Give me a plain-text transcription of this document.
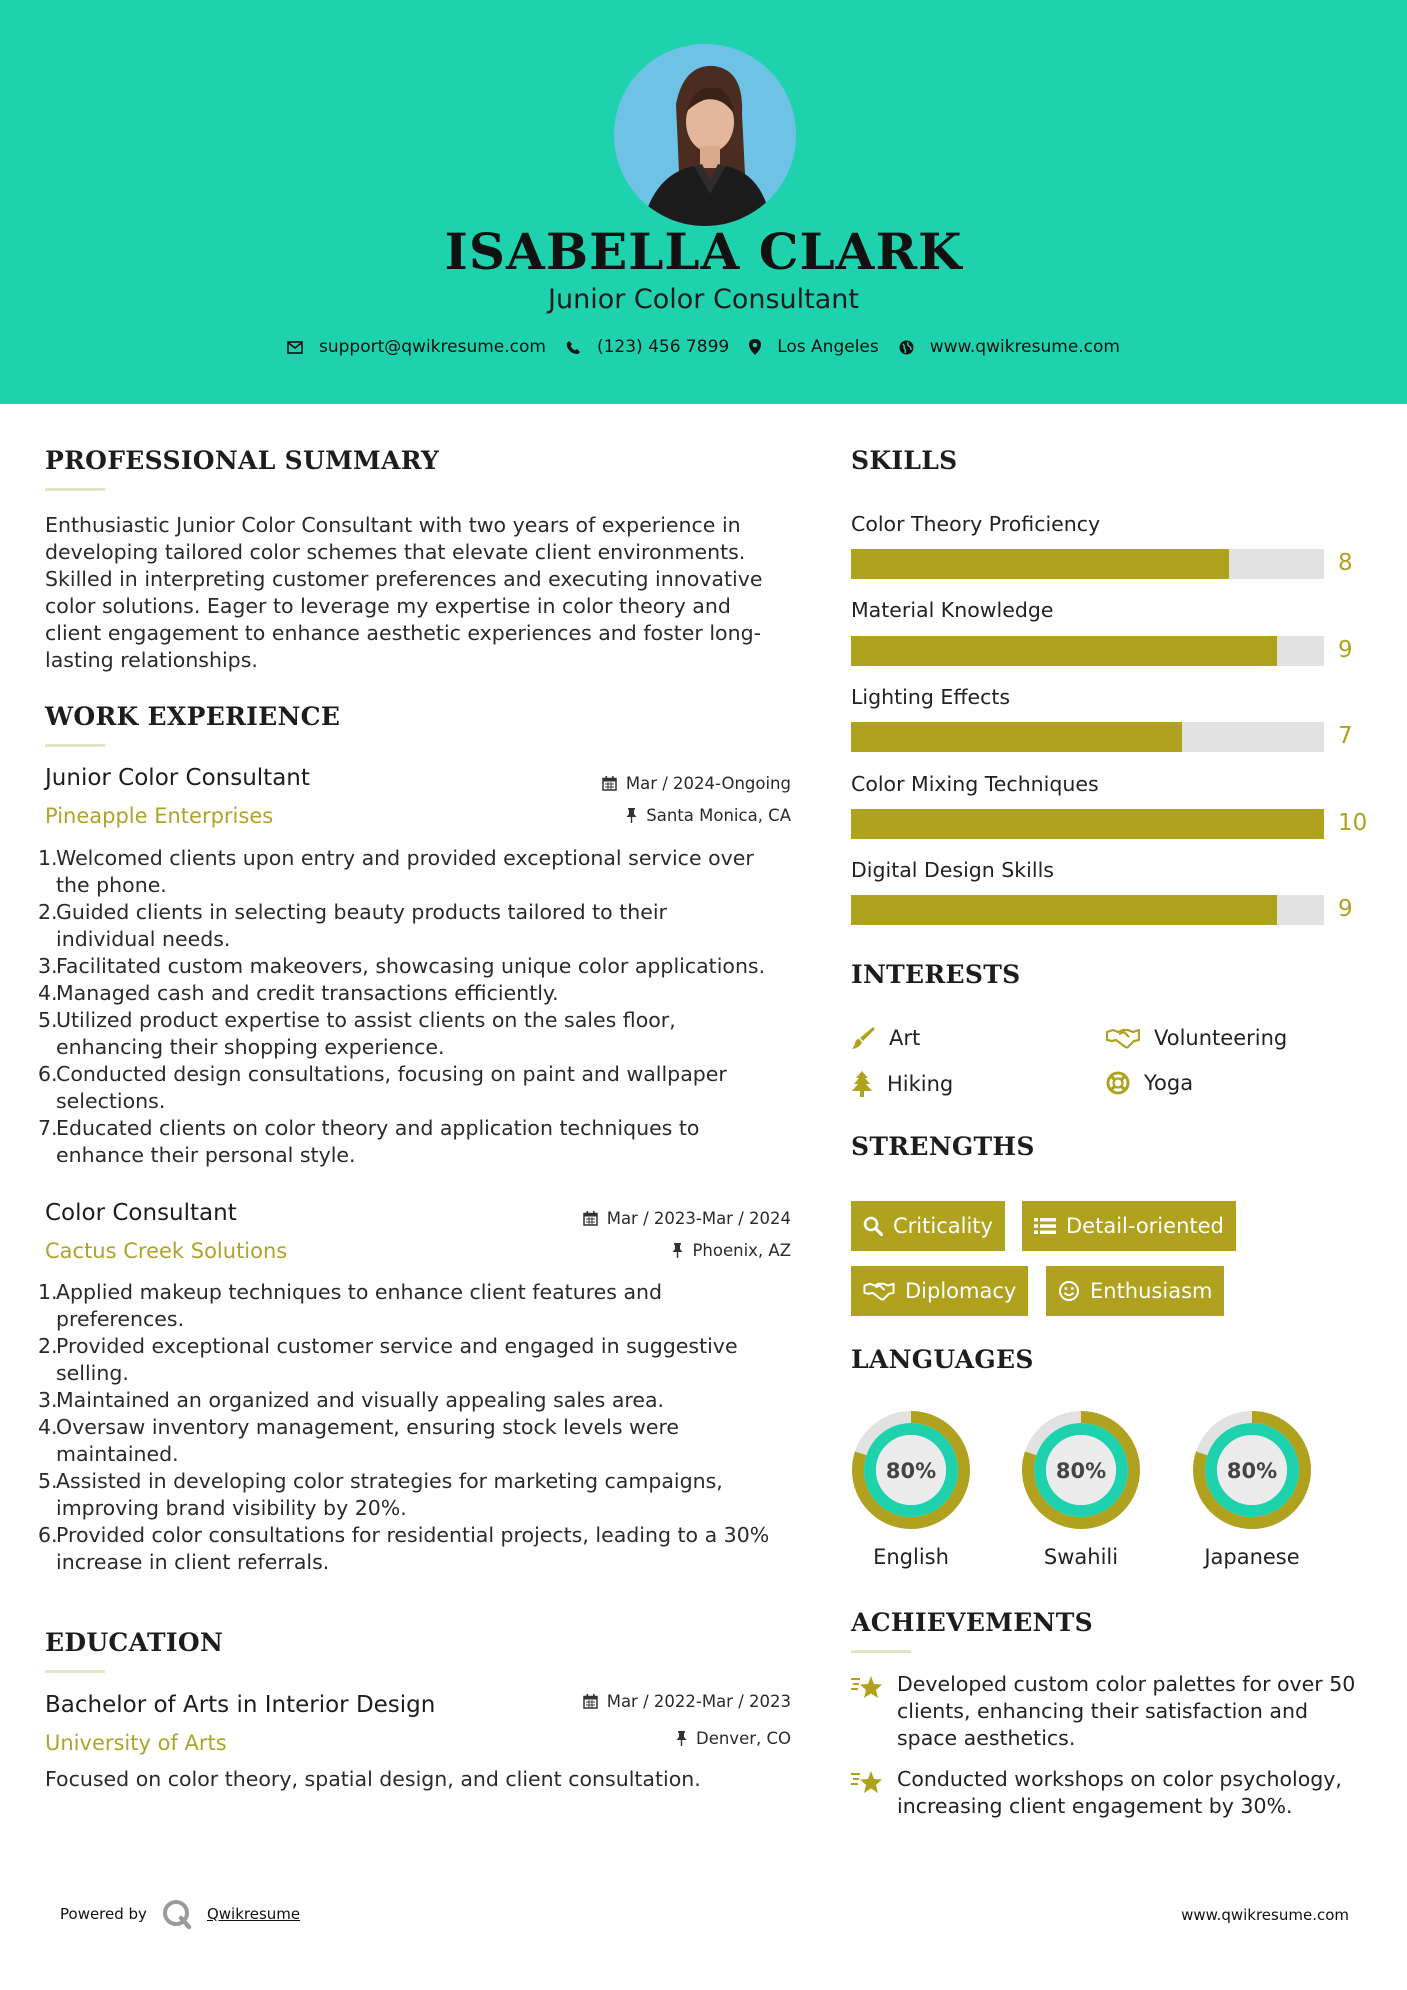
ISABELLA CLARK
Junior Color Consultant
support@qwikresume.com	(123) 456 7899	Los Angeles	www.qwikresume.com
PROFESSIONAL SUMMARY
Enthusiastic Junior Color Consultant with two years of experience in
developing tailored color schemes that elevate client environments.
Skilled in interpreting customer preferences and executing innovative
color solutions. Eager to leverage my expertise in color theory and
client engagement to enhance aesthetic experiences and foster long-
lasting relationships.
WORK EXPERIENCE
Junior Color Consultant
Pineapple Enterprises
Mar / 2024-Ongoing
Santa Monica, CA
1.
Welcomed clients upon entry and provided exceptional service over
the phone.
2.
Guided clients in selecting beauty products tailored to their
individual needs.
3.
Facilitated custom makeovers, showcasing unique color applications.
4.
Managed cash and credit transactions efficiently.
5.
Utilized product expertise to assist clients on the sales floor,
enhancing their shopping experience.
6.
Conducted design consultations, focusing on paint and wallpaper
selections.
7.
Educated clients on color theory and application techniques to
enhance their personal style.
Color Consultant
Cactus Creek Solutions
Mar / 2023-Mar / 2024
Phoenix, AZ
1.
Applied makeup techniques to enhance client features and
preferences.
2.
Provided exceptional customer service and engaged in suggestive
selling.
3.
Maintained an organized and visually appealing sales area.
4.
Oversaw inventory management, ensuring stock levels were
maintained.
5.
Assisted in developing color strategies for marketing campaigns,
improving brand visibility by 20%.
6.
Provided color consultations for residential projects, leading to a 30%
increase in client referrals.
EDUCATION
Bachelor of Arts in Interior Design
University of Arts
Mar / 2022-Mar / 2023
Denver, CO
Focused on color theory, spatial design, and client consultation.
SKILLS
Color Theory Proficiency
8
Material Knowledge
9
Lighting Effects
7
Color Mixing Techniques
10
Digital Design Skills
9
INTERESTS
Art	Volunteering
Hiking	Yoga
STRENGTHS
Criticality	Detail-oriented
Diplomacy	Enthusiasm
LANGUAGES
80%
English
80%
Swahili
80%
Japanese
ACHIEVEMENTS
Developed custom color palettes for over 50
clients, enhancing their satisfaction and
space aesthetics.
Conducted workshops on color psychology,
increasing client engagement by 30%.
Powered by	Qwikresume	www.qwikresume.com
